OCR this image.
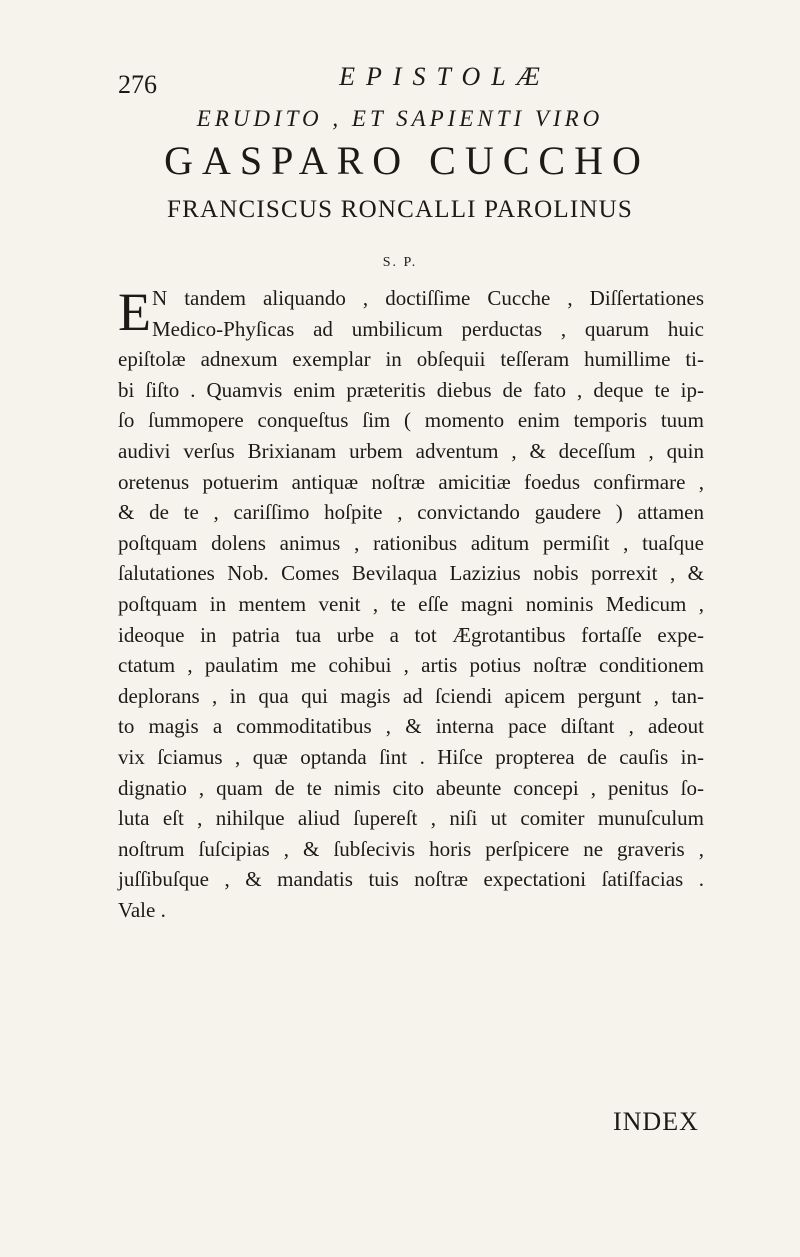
276	EPISTOLÆ
ERUDITO , ET SAPIENTI VIRO
GASPARO CUCCHO
FRANCISCUS RONCALLI PAROLINUS
S. P.
E N tandem aliquando , doctiſſime Cucche , Diſſertationes
Medico-Phyſicas ad umbilicum perductas , quarum huic
epiſtolæ adnexum exemplar in obſequii teſſeram humillime ti-
bi ſiſto . Quamvis enim præteritis diebus de fato , deque te ip-
ſo ſummopere conqueſtus ſim ( momento enim temporis tuum
audivi verſus Brixianam urbem adventum , & deceſſum , quin
oretenus potuerim antiquæ noſtræ amicitiæ foedus confirmare ,
& de te , cariſſimo hoſpite , convictando gaudere ) attamen
poſtquam dolens animus , rationibus aditum permiſit , tuaſque
ſalutationes Nob. Comes Bevilaqua Lazizius nobis porrexit , &
poſtquam in mentem venit , te eſſe magni nominis Medicum ,
ideoque in patria tua urbe a tot Ægrotantibus fortaſſe expe-
ctatum , paulatim me cohibui , artis potius noſtræ conditionem
deplorans , in qua qui magis ad ſciendi apicem pergunt , tan-
to magis a commoditatibus , & interna pace diſtant , adeout
vix ſciamus , quæ optanda ſint . Hiſce propterea de cauſis in-
dignatio , quam de te nimis cito abeunte concepi , penitus ſo-
luta eſt , nihilque aliud ſupereſt , niſi ut comiter munuſculum
noſtrum ſuſcipias , & ſubſecivis horis perſpicere ne graveris ,
juſſibuſque , & mandatis tuis noſtræ expectationi ſatiſfacias .
Vale .
INDEX
